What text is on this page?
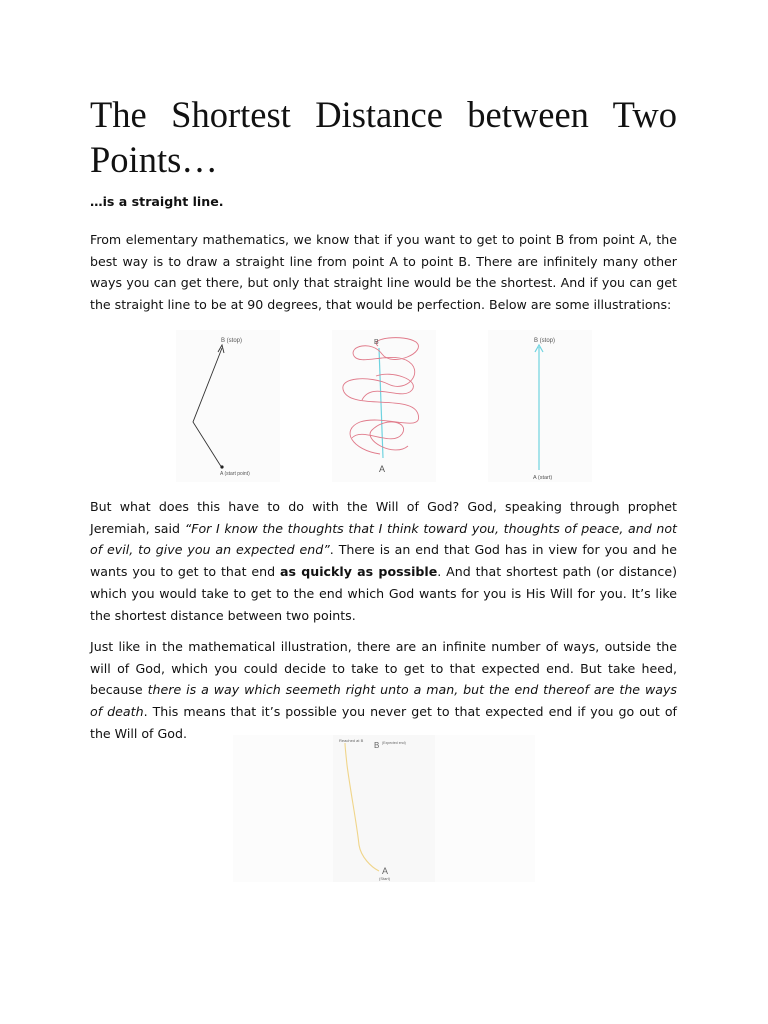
The Shortest Distance between Two Points…

…is a straight line.

From elementary mathematics, we know that if you want to get to point B from point A, the best way is to draw a straight line from point A to point B. There are infinitely many other ways you can get there, but only that straight line would be the shortest. And if you can get the straight line to be at 90 degrees, that would be perfection. Below are some illustrations:

B (stop)
A (start point)
B
A
B (stop)
A (start)

But what does this have to do with the Will of God? God, speaking through prophet Jeremiah, said “For I know the thoughts that I think toward you, thoughts of peace, and not of evil, to give you an expected end”. There is an end that God has in view for you and he wants you to get to that end as quickly as possible. And that shortest path (or distance) which you would take to get to the end which God wants for you is His Will for you. It’s like the shortest distance between two points.

Just like in the mathematical illustration, there are an infinite number of ways, outside the will of God, which you could decide to take to get to that expected end. But take heed, because there is a way which seemeth right unto a man, but the end thereof are the ways of death. This means that it’s possible you never get to that expected end if you go out of the Will of God.	Reached at B
B (Expected end)
A
(Start)
